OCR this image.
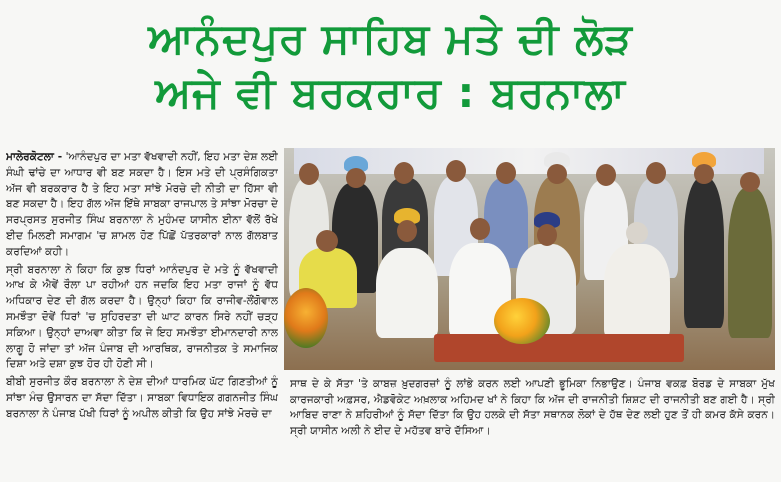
ਆਨੰਦਪੁਰ ਸਾਹਿਬ ਮਤੇ ਦੀ ਲੋੜ
ਅਜੇ ਵੀ ਬਰਕਰਾਰ : ਬਰਨਾਲਾ

ਮਾਲੇਰਕੋਟਲਾ - 'ਆਨੰਦਪੁਰ ਦਾ ਮਤਾ ਵੱਖਵਾਦੀ ਨਹੀਂ, ਇਹ ਮਤਾ ਦੇਸ਼ ਲਈ ਸੰਘੀ ਢਾਂਚੇ ਦਾ ਆਧਾਰ ਵੀ ਬਣ ਸਕਦਾ ਹੈ। ਇਸ ਮਤੇ ਦੀ ਪ੍ਰਸੰਗਿਕਤਾ ਅੱਜ ਵੀ ਬਰਕਰਾਰ ਹੈ ਤੇ ਇਹ ਮਤਾ ਸਾਂਝੇ ਮੋਰਚੇ ਦੀ ਨੀਤੀ ਦਾ ਹਿੱਸਾ ਵੀ ਬਣ ਸਕਦਾ ਹੈ। ਇਹ ਗੱਲ ਅੱਜ ਇੱਥੇ ਸਾਬਕਾ ਰਾਜਪਾਲ ਤੇ ਸਾਂਝਾ ਮੋਰਚਾ ਦੇ ਸਰਪ੍ਰਸਤ ਸੁਰਜੀਤ ਸਿੰਘ ਬਰਨਾਲਾ ਨੇ ਮੁਹੰਮਦ ਯਾਸੀਨ ਈਨਾ ਵੱਲੋਂ ਰੱਖੇ ਈਦ ਮਿਲਣੀ ਸਮਾਗਮ 'ਚ ਸ਼ਾਮਲ ਹੋਣ ਪਿੱਛੋਂ ਪੱਤਰਕਾਰਾਂ ਨਾਲ ਗੱਲਬਾਤ ਕਰਦਿਆਂ ਕਹੀ।

ਸ੍ਰੀ ਬਰਨਾਲਾ ਨੇ ਕਿਹਾ ਕਿ ਕੁਝ ਧਿਰਾਂ ਆਨੰਦਪੁਰ ਦੇ ਮਤੇ ਨੂੰ ਵੱਖਵਾਦੀ ਆਖ ਕੇ ਐਵੇਂ ਰੌਲਾ ਪਾ ਰਹੀਆਂ ਹਨ ਜਦਕਿ ਇਹ ਮਤਾ ਰਾਜਾਂ ਨੂੰ ਵੱਧ ਅਧਿਕਾਰ ਦੇਣ ਦੀ ਗੱਲ ਕਰਦਾ ਹੈ। ਉਨ੍ਹਾਂ ਕਿਹਾ ਕਿ ਰਾਜੀਵ-ਲੌਂਗੋਵਾਲ ਸਮਝੌਤਾ ਦੋਵੇਂ ਧਿਰਾਂ 'ਚ ਸੁਹਿਰਦਤਾ ਦੀ ਘਾਟ ਕਾਰਨ ਸਿਰੇ ਨਹੀਂ ਚੜ੍ਹ ਸਕਿਆ। ਉਨ੍ਹਾਂ ਦਾਅਵਾ ਕੀਤਾ ਕਿ ਜੇ ਇਹ ਸਮਝੌਤਾ ਈਮਾਨਦਾਰੀ ਨਾਲ ਲਾਗੂ ਹੋ ਜਾਂਦਾ ਤਾਂ ਅੱਜ ਪੰਜਾਬ ਦੀ ਆਰਥਿਕ, ਰਾਜਨੀਤਕ ਤੇ ਸਮਾਜਿਕ ਦਿਸ਼ਾ ਅਤੇ ਦਸ਼ਾ ਕੁਝ ਹੋਰ ਹੀ ਹੋਣੀ ਸੀ।

ਬੀਬੀ ਸੁਰਜੀਤ ਕੌਰ ਬਰਨਾਲਾ ਨੇ ਦੇਸ਼ ਦੀਆਂ ਧਾਰਮਿਕ ਘੱਟ ਗਿਣਤੀਆਂ ਨੂੰ ਸਾਂਝਾ ਮੰਚ ਉਸਾਰਨ ਦਾ ਸੱਦਾ ਦਿੱਤਾ। ਸਾਬਕਾ ਵਿਧਾਇਕ ਗਗਨਜੀਤ ਸਿੰਘ ਬਰਨਾਲਾ ਨੇ ਪੰਜਾਬ ਪੱਖੀ ਧਿਰਾਂ ਨੂੰ ਅਪੀਲ ਕੀਤੀ ਕਿ ਉਹ ਸਾਂਝੇ ਮੋਰਚੇ ਦਾ

ਸਾਥ ਦੇ ਕੇ ਸੱਤਾ 'ਤੇ ਕਾਬਜ਼ ਖ਼ੁਦਗਰਜ਼ਾਂ ਨੂੰ ਲਾਂਭੇ ਕਰਨ ਲਈ ਆਪਣੀ ਭੂਮਿਕਾ ਨਿਭਾਉਣ। ਪੰਜਾਬ ਵਕਫ਼ ਬੋਰਡ ਦੇ ਸਾਬਕਾ ਮੁੱਖ ਕਾਰਜਕਾਰੀ ਅਫ਼ਸਰ, ਐਡਵੋਕੇਟ ਅਖ਼ਲਾਕ ਅਹਿਮਦ ਖਾਂ ਨੇ ਕਿਹਾ ਕਿ ਅੱਜ ਦੀ ਰਾਜਨੀਤੀ ਸ਼ਿਸ਼ਟ ਦੀ ਰਾਜਨੀਤੀ ਬਣ ਗਈ ਹੈ। ਸ੍ਰੀ ਆਬਿਦ ਰਾਣਾ ਨੇ ਸ਼ਹਿਰੀਆਂ ਨੂੰ ਸੱਦਾ ਦਿੱਤਾ ਕਿ ਉਹ ਹਲਕੇ ਦੀ ਸੱਤਾ ਸਥਾਨਕ ਲੋਕਾਂ ਦੇ ਹੱਥ ਦੇਣ ਲਈ ਹੁਣ ਤੋਂ ਹੀ ਕਮਰ ਕੱਸੇ ਕਰਨ। ਸ੍ਰੀ ਯਾਸੀਨ ਅਲੀ ਨੇ ਈਦ ਦੇ ਮਹੱਤਵ ਬਾਰੇ ਦੱਸਿਆ।
